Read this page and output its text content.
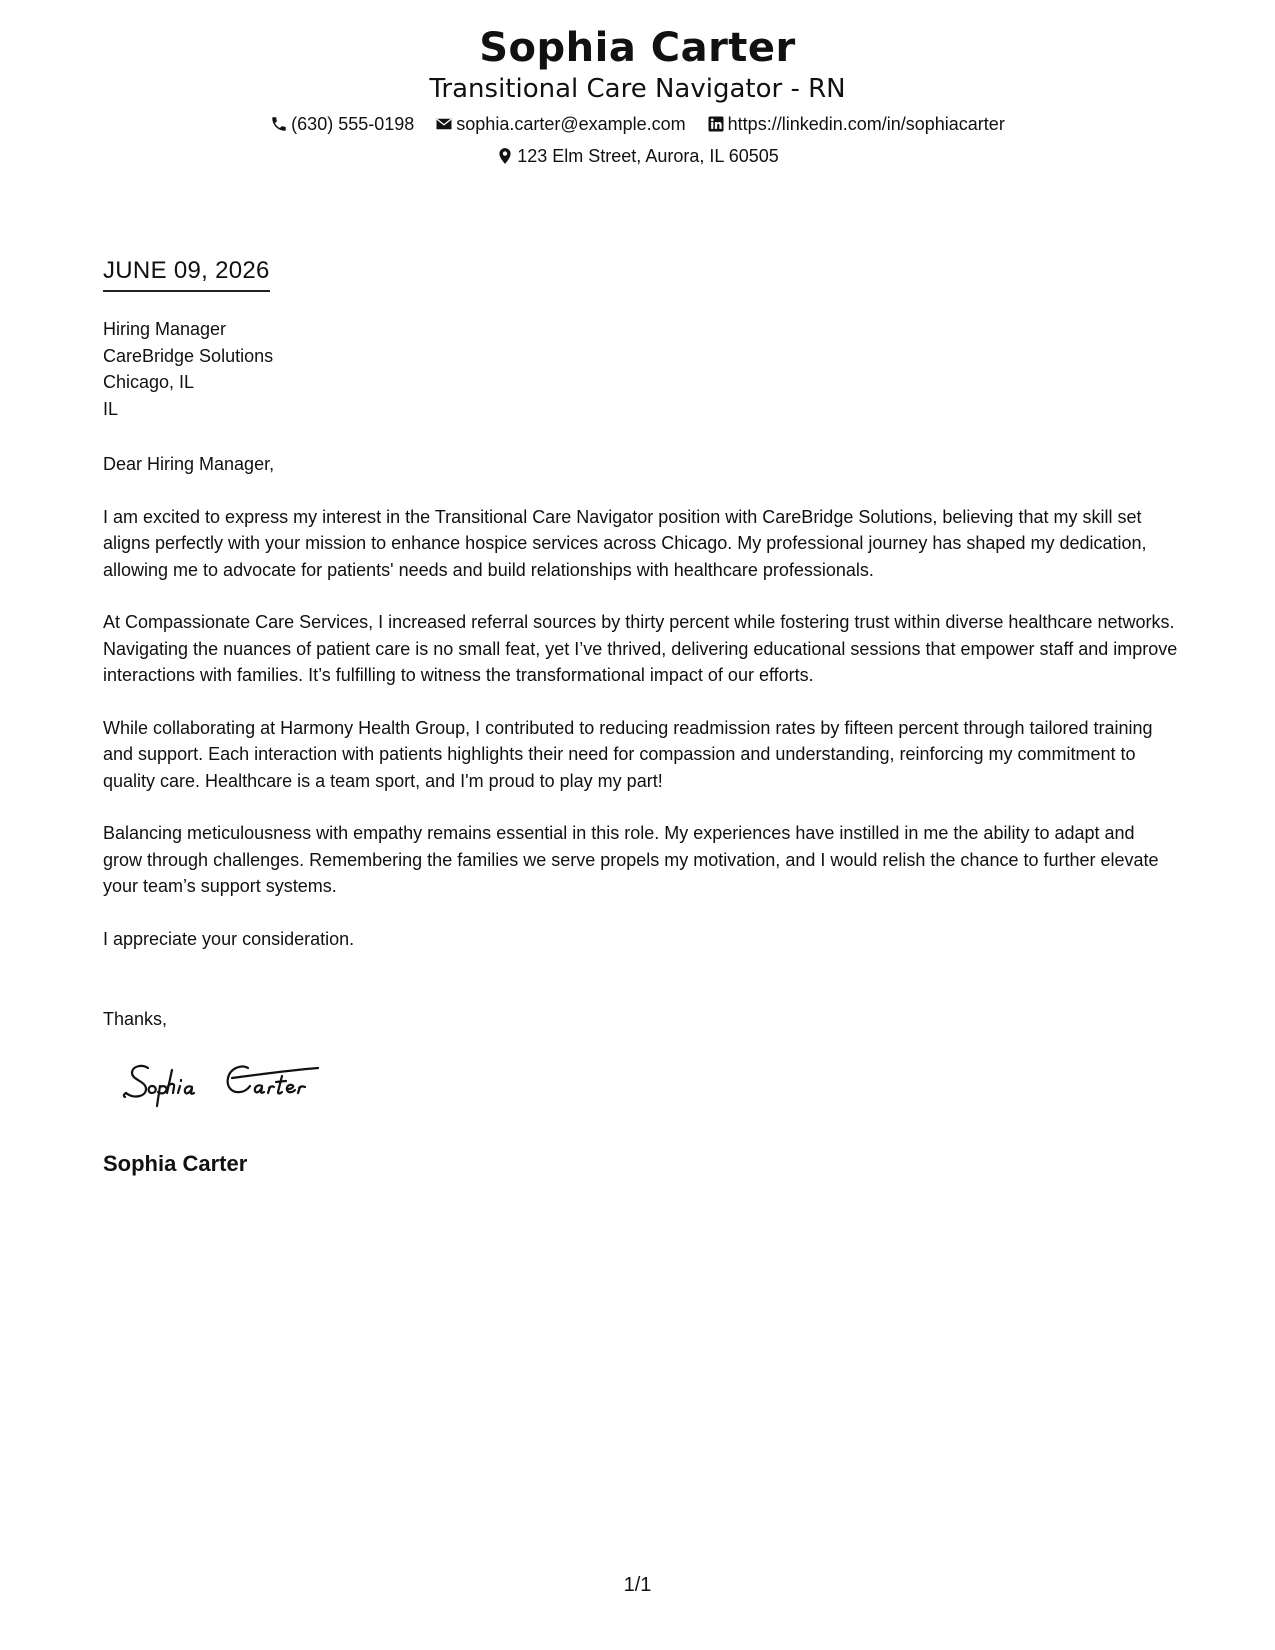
Sophia Carter
Transitional Care Navigator - RN
(630) 555-0198 sophia.carter@example.com https://linkedin.com/in/sophiacarter
123 Elm Street, Aurora, IL 60505
JUNE 09, 2026
Hiring Manager
CareBridge Solutions
Chicago, IL
IL

Dear Hiring Manager,

I am excited to express my interest in the Transitional Care Navigator position with CareBridge Solutions, believing that my skill set aligns perfectly with your mission to enhance hospice services across Chicago. My professional journey has shaped my dedication, allowing me to advocate for patients' needs and build relationships with healthcare professionals.

At Compassionate Care Services, I increased referral sources by thirty percent while fostering trust within diverse healthcare networks. Navigating the nuances of patient care is no small feat, yet I’ve thrived, delivering educational sessions that empower staff and improve interactions with families. It’s fulfilling to witness the transformational impact of our efforts.

While collaborating at Harmony Health Group, I contributed to reducing readmission rates by fifteen percent through tailored training and support. Each interaction with patients highlights their need for compassion and understanding, reinforcing my commitment to quality care. Healthcare is a team sport, and I'm proud to play my part!

Balancing meticulousness with empathy remains essential in this role. My experiences have instilled in me the ability to adapt and grow through challenges. Remembering the families we serve propels my motivation, and I would relish the chance to further elevate your team’s support systems.

I appreciate your consideration.

Thanks,
Sophia Carter
1/1
